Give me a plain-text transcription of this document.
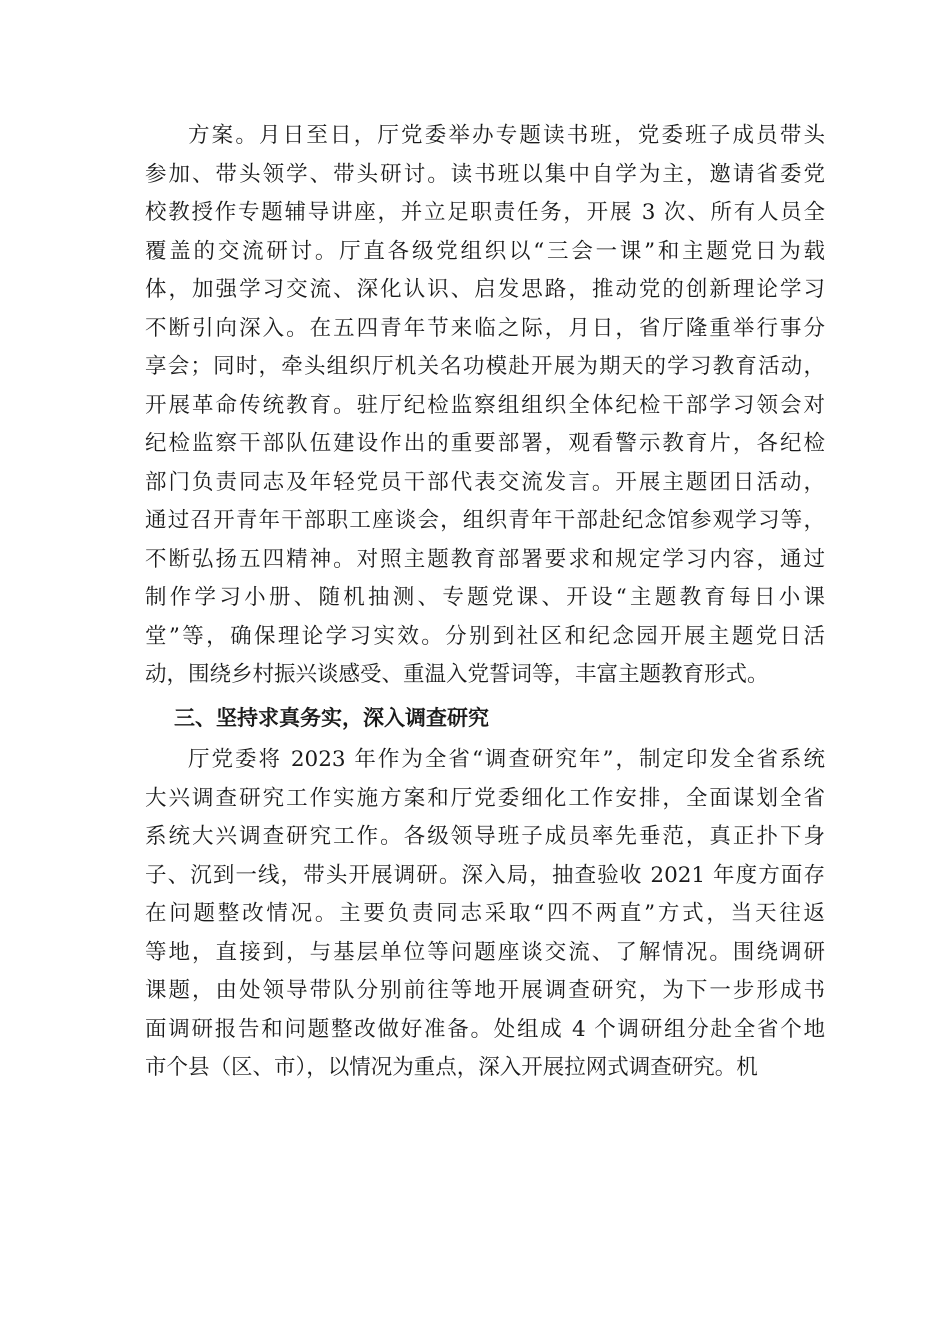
方案。月日至日，厅党委举办专题读书班，党委班子成员带头
参加、带头领学、带头研讨。读书班以集中自学为主，邀请省委党
校教授作专题辅导讲座，并立足职责任务，开展 3 次、所有人员全
覆盖的交流研讨。厅直各级党组织以“三会一课”和主题党日为载
体，加强学习交流、深化认识、启发思路，推动党的创新理论学习
不断引向深入。在五四青年节来临之际，月日，省厅隆重举行事分
享会；同时，牵头组织厅机关名功模赴开展为期天的学习教育活动，
开展革命传统教育。驻厅纪检监察组组织全体纪检干部学习领会对
纪检监察干部队伍建设作出的重要部署，观看警示教育片，各纪检
部门负责同志及年轻党员干部代表交流发言。开展主题团日活动，
通过召开青年干部职工座谈会，组织青年干部赴纪念馆参观学习等，
不断弘扬五四精神。对照主题教育部署要求和规定学习内容，通过
制作学习小册、随机抽测、专题党课、开设“主题教育每日小课
堂”等，确保理论学习实效。分别到社区和纪念园开展主题党日活
动，围绕乡村振兴谈感受、重温入党誓词等，丰富主题教育形式。
三、坚持求真务实，深入调查研究
厅党委将 2023 年作为全省“调查研究年”，制定印发全省系统
大兴调查研究工作实施方案和厅党委细化工作安排，全面谋划全省
系统大兴调查研究工作。各级领导班子成员率先垂范，真正扑下身
子、沉到一线，带头开展调研。深入局，抽查验收 2021 年度方面存
在问题整改情况。主要负责同志采取“四不两直”方式，当天往返
等地，直接到，与基层单位等问题座谈交流、了解情况。围绕调研
课题，由处领导带队分别前往等地开展调查研究，为下一步形成书
面调研报告和问题整改做好准备。处组成 4 个调研组分赴全省个地
市个县（区、市），以情况为重点，深入开展拉网式调查研究。机
